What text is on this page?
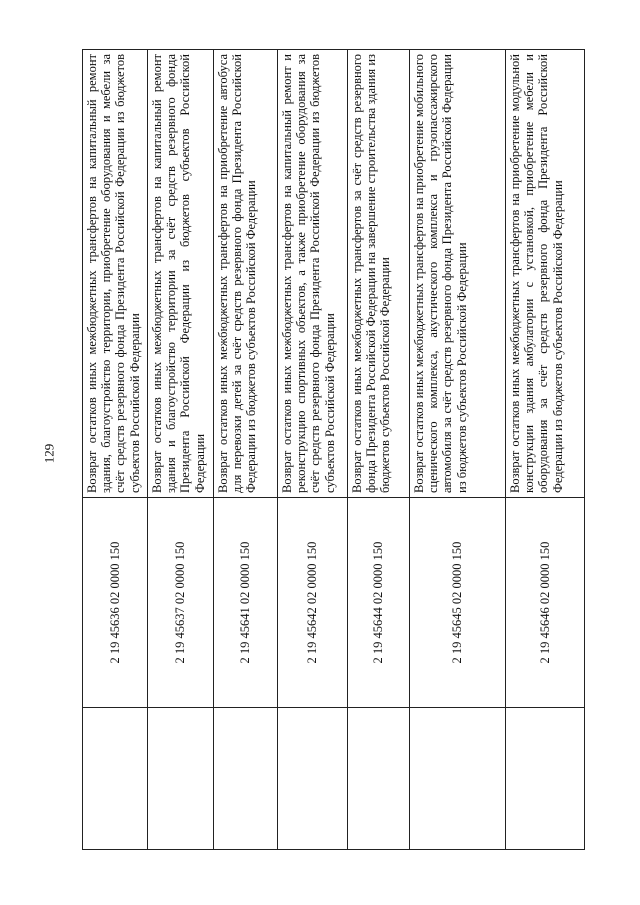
129
	2 19 45636 02 0000 150	Возврат остатков иных межбюджетных трансфертов на капитальный ремонт здания, благоустройство территории, приобретение оборудования и мебели за счёт средств резервного фонда Президента Российской Федерации из бюджетов субъектов Российской Федерации
	2 19 45637 02 0000 150	Возврат остатков иных межбюджетных трансфертов на капитальный ремонт здания и благоустройство территории за счёт средств резервного фонда Президента Российской Федерации из бюджетов субъектов Российской Федерации
	2 19 45641 02 0000 150	Возврат остатков иных межбюджетных трансфертов на приобретение автобуса для перевозки детей за счёт средств резервного фонда Президента Российской Федерации из бюджетов субъектов Российской Федерации
	2 19 45642 02 0000 150	Возврат остатков иных межбюджетных трансфертов на капитальный ремонт и реконструкцию спортивных объектов, а также приобретение оборудования за счёт средств резервного фонда Президента Российской Федерации из бюджетов субъектов Российской Федерации
	2 19 45644 02 0000 150	Возврат остатков иных межбюджетных трансфертов за счёт средств резервного фонда Президента Российской Федерации на завершение строительства здания из бюджетов субъектов Российской Федерации
	2 19 45645 02 0000 150	Возврат остатков иных межбюджетных трансфертов на приобретение мобильного сценического комплекса, акустического комплекса и грузопассажирского автомобиля за счёт средств резервного фонда Президента Российской Федерации из бюджетов субъектов Российской Федерации
	2 19 45646 02 0000 150	Возврат остатков иных межбюджетных трансфертов на приобретение модульной конструкции здания амбулатории с установкой, приобретение мебели и оборудования за счёт средств резервного фонда Президента Российской Федерации из бюджетов субъектов Российской Федерации
